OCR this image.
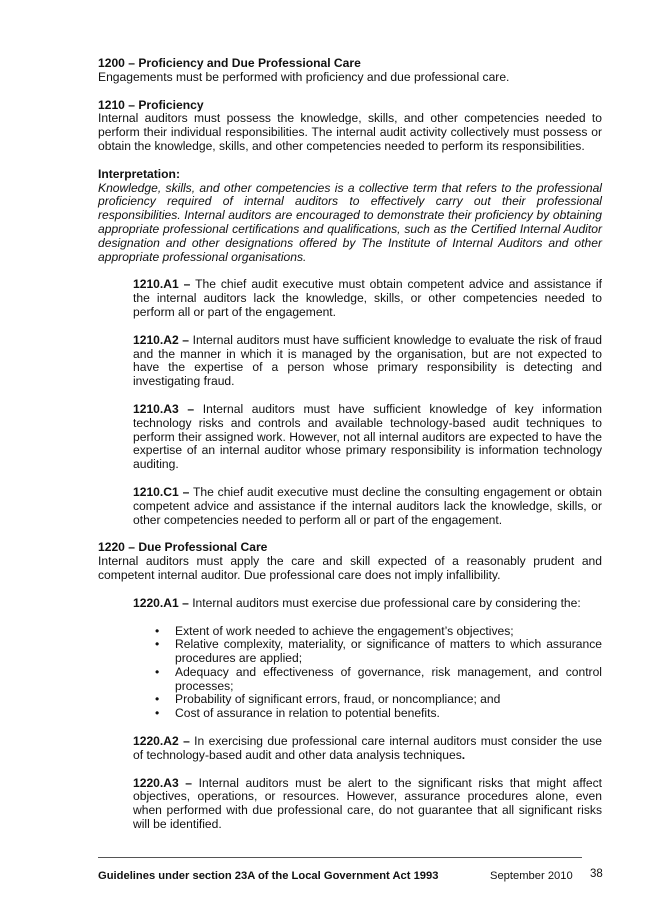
1200 – Proficiency and Due Professional Care

Engagements must be performed with proficiency and due professional care.

1210 – Proficiency

Internal auditors must possess the knowledge, skills, and other competencies needed to perform their individual responsibilities. The internal audit activity collectively must possess or obtain the knowledge, skills, and other competencies needed to perform its responsibilities.

Interpretation:

Knowledge, skills, and other competencies is a collective term that refers to the professional proficiency required of internal auditors to effectively carry out their professional responsibilities. Internal auditors are encouraged to demonstrate their proficiency by obtaining appropriate professional certifications and qualifications, such as the Certified Internal Auditor designation and other designations offered by The Institute of Internal Auditors and other appropriate professional organisations.

1210.A1 – The chief audit executive must obtain competent advice and assistance if the internal auditors lack the knowledge, skills, or other competencies needed to perform all or part of the engagement.

1210.A2 – Internal auditors must have sufficient knowledge to evaluate the risk of fraud and the manner in which it is managed by the organisation, but are not expected to have the expertise of a person whose primary responsibility is detecting and investigating fraud.

1210.A3 – Internal auditors must have sufficient knowledge of key information technology risks and controls and available technology-based audit techniques to perform their assigned work. However, not all internal auditors are expected to have the expertise of an internal auditor whose primary responsibility is information technology auditing.

1210.C1 – The chief audit executive must decline the consulting engagement or obtain competent advice and assistance if the internal auditors lack the knowledge, skills, or other competencies needed to perform all or part of the engagement.

1220 – Due Professional Care

Internal auditors must apply the care and skill expected of a reasonably prudent and competent internal auditor. Due professional care does not imply infallibility.

1220.A1 – Internal auditors must exercise due professional care by considering the:

• Extent of work needed to achieve the engagement’s objectives;
• Relative complexity, materiality, or significance of matters to which assurance procedures are applied;
• Adequacy and effectiveness of governance, risk management, and control processes;
• Probability of significant errors, fraud, or noncompliance; and
• Cost of assurance in relation to potential benefits.

1220.A2 – In exercising due professional care internal auditors must consider the use of technology-based audit and other data analysis techniques.

1220.A3 – Internal auditors must be alert to the significant risks that might affect objectives, operations, or resources. However, assurance procedures alone, even when performed with due professional care, do not guarantee that all significant risks will be identified.

Guidelines under section 23A of the Local Government Act 1993	September 2010 38
